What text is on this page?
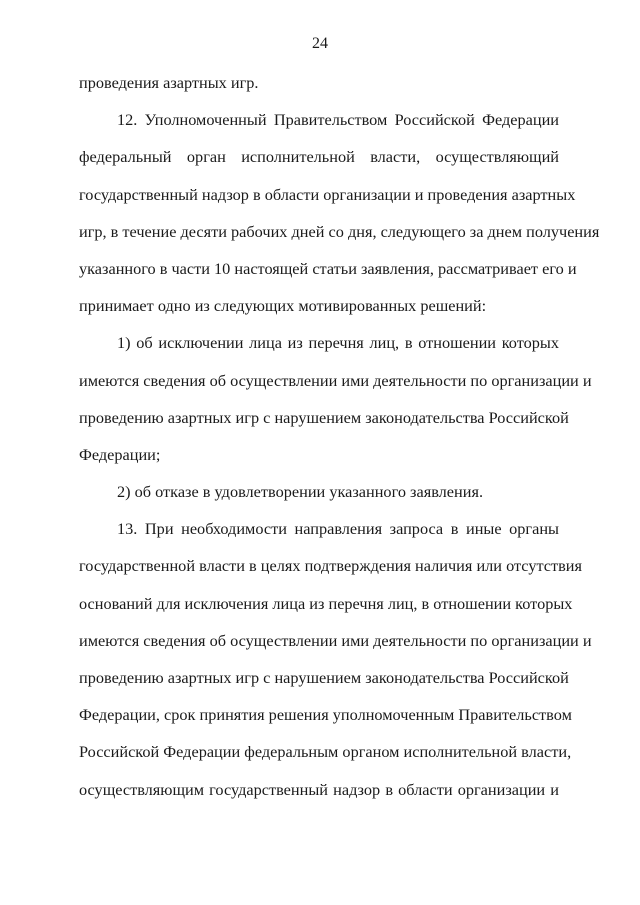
24
проведения азартных игр.
12. Уполномоченный Правительством Российской Федерации
федеральный орган исполнительной власти, осуществляющий
государственный надзор в области организации и проведения азартных
игр, в течение десяти рабочих дней со дня, следующего за днем получения
указанного в части 10 настоящей статьи заявления, рассматривает его и
принимает одно из следующих мотивированных решений:
1) об исключении лица из перечня лиц, в отношении которых
имеются сведения об осуществлении ими деятельности по организации и
проведению азартных игр с нарушением законодательства Российской
Федерации;
2) об отказе в удовлетворении указанного заявления.
13. При необходимости направления запроса в иные органы
государственной власти в целях подтверждения наличия или отсутствия
оснований для исключения лица из перечня лиц, в отношении которых
имеются сведения об осуществлении ими деятельности по организации и
проведению азартных игр с нарушением законодательства Российской
Федерации, срок принятия решения уполномоченным Правительством
Российской Федерации федеральным органом исполнительной власти,
осуществляющим государственный надзор в области организации и
